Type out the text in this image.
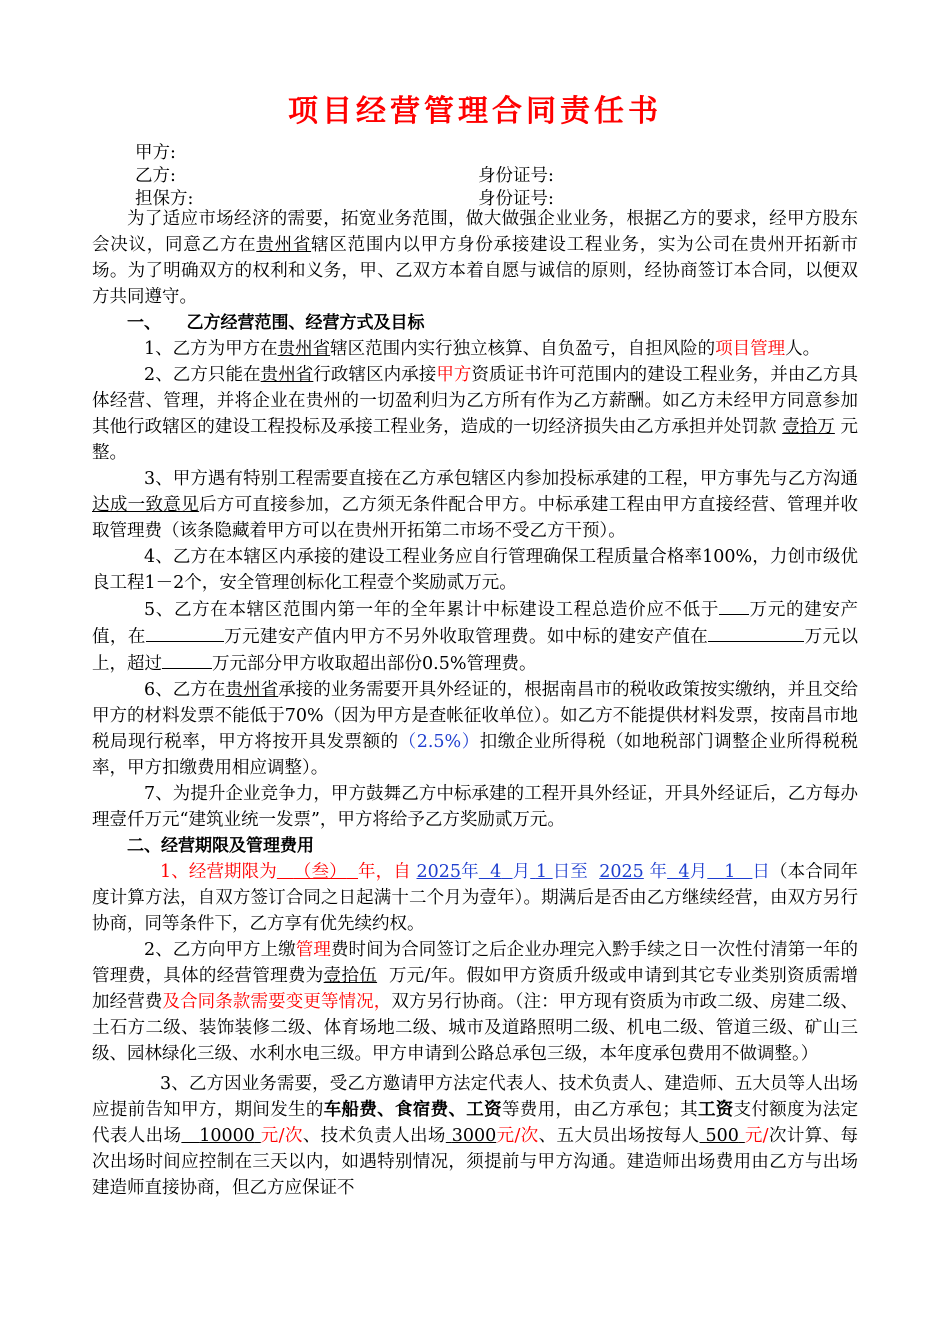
项目经营管理合同责任书
甲方:
乙方:	身份证号:
担保方:	身份证号:

为了适应市场经济的需要，拓宽业务范围，做大做强企业业务，根据乙方的要求，经甲方股东会决议，同意乙方在贵州省辖区范围内以甲方身份承接建设工程业务，实为公司在贵州开拓新市场。为了明确双方的权利和义务，甲、乙双方本着自愿与诚信的原则，经协商签订本合同，以便双方共同遵守。

一、　　乙方经营范围、经营方式及目标

1、乙方为甲方在贵州省辖区范围内实行独立核算、自负盈亏，自担风险的项目管理人。

2、乙方只能在贵州省行政辖区内承接甲方资质证书许可范围内的建设工程业务，并由乙方具体经营、管理，并将企业在贵州的一切盈利归为乙方所有作为乙方薪酬。如乙方未经甲方同意参加其他行政辖区的建设工程投标及承接工程业务，造成的一切经济损失由乙方承担并处罚款 壹拾万 元整。

3、甲方遇有特别工程需要直接在乙方承包辖区内参加投标承建的工程，甲方事先与乙方沟通达成一致意见后方可直接参加，乙方须无条件配合甲方。中标承建工程由甲方直接经营、管理并收取管理费（该条隐藏着甲方可以在贵州开拓第二市场不受乙方干预）。

4、乙方在本辖区内承接的建设工程业务应自行管理确保工程质量合格率100%，力创市级优良工程1－2个，安全管理创标化工程壹个奖励贰万元。

5、乙方在本辖区范围内第一年的全年累计中标建设工程总造价应不低于 万元的建安产值，在	万元建安产值内甲方不另外收取管理费。如中标的建安产值在	万元以上，超过	万元部分甲方收取超出部份0.5%管理费。

6、乙方在贵州省承接的业务需要开具外经证的，根据南昌市的税收政策按实缴纳，并且交给甲方的材料发票不能低于70%（因为甲方是查帐征收单位）。如乙方不能提供材料发票，按南昌市地税局现行税率，甲方将按开具发票额的（2.5%）扣缴企业所得税（如地税部门调整企业所得税税率，甲方扣缴费用相应调整）。

7、为提升企业竞争力，甲方鼓舞乙方中标承建的工程开具外经证，开具外经证后，乙方每办理壹仟万元“建筑业统一发票”，甲方将给予乙方奖励贰万元。

二、经营期限及管理费用

1、经营期限为 （叁） 年，自 2025年 4 月 1 日至 2025 年 4月 1 日（本合同年度计算方法，自双方签订合同之日起满十二个月为壹年）。期满后是否由乙方继续经营，由双方另行协商，同等条件下，乙方享有优先续约权。

2、乙方向甲方上缴管理费时间为合同签订之后企业办理完入黔手续之日一次性付清第一年的管理费，具体的经营管理费为壹拾伍 万元/年。假如甲方资质升级或申请到其它专业类别资质需增加经营费及合同条款需要变更等情况，双方另行协商。（注：甲方现有资质为市政二级、房建二级、土石方二级、装饰装修二级、体育场地二级、城市及道路照明二级、机电二级、管道三级、矿山三级、园林绿化三级、水利水电三级。甲方申请到公路总承包三级，本年度承包费用不做调整。）

3、乙方因业务需要，受乙方邀请甲方法定代表人、技术负责人、建造师、五大员等人出场应提前告知甲方，期间发生的车船费、食宿费、工资等费用，由乙方承包；其工资支付额度为法定代表人出场 10000 元/次、技术负责人出场 3000元/次、五大员出场按每人 500 元/次计算、每次出场时间应控制在三天以内，如遇特别情况，须提前与甲方沟通。建造师出场费用由乙方与出场建造师直接协商，但乙方应保证不
